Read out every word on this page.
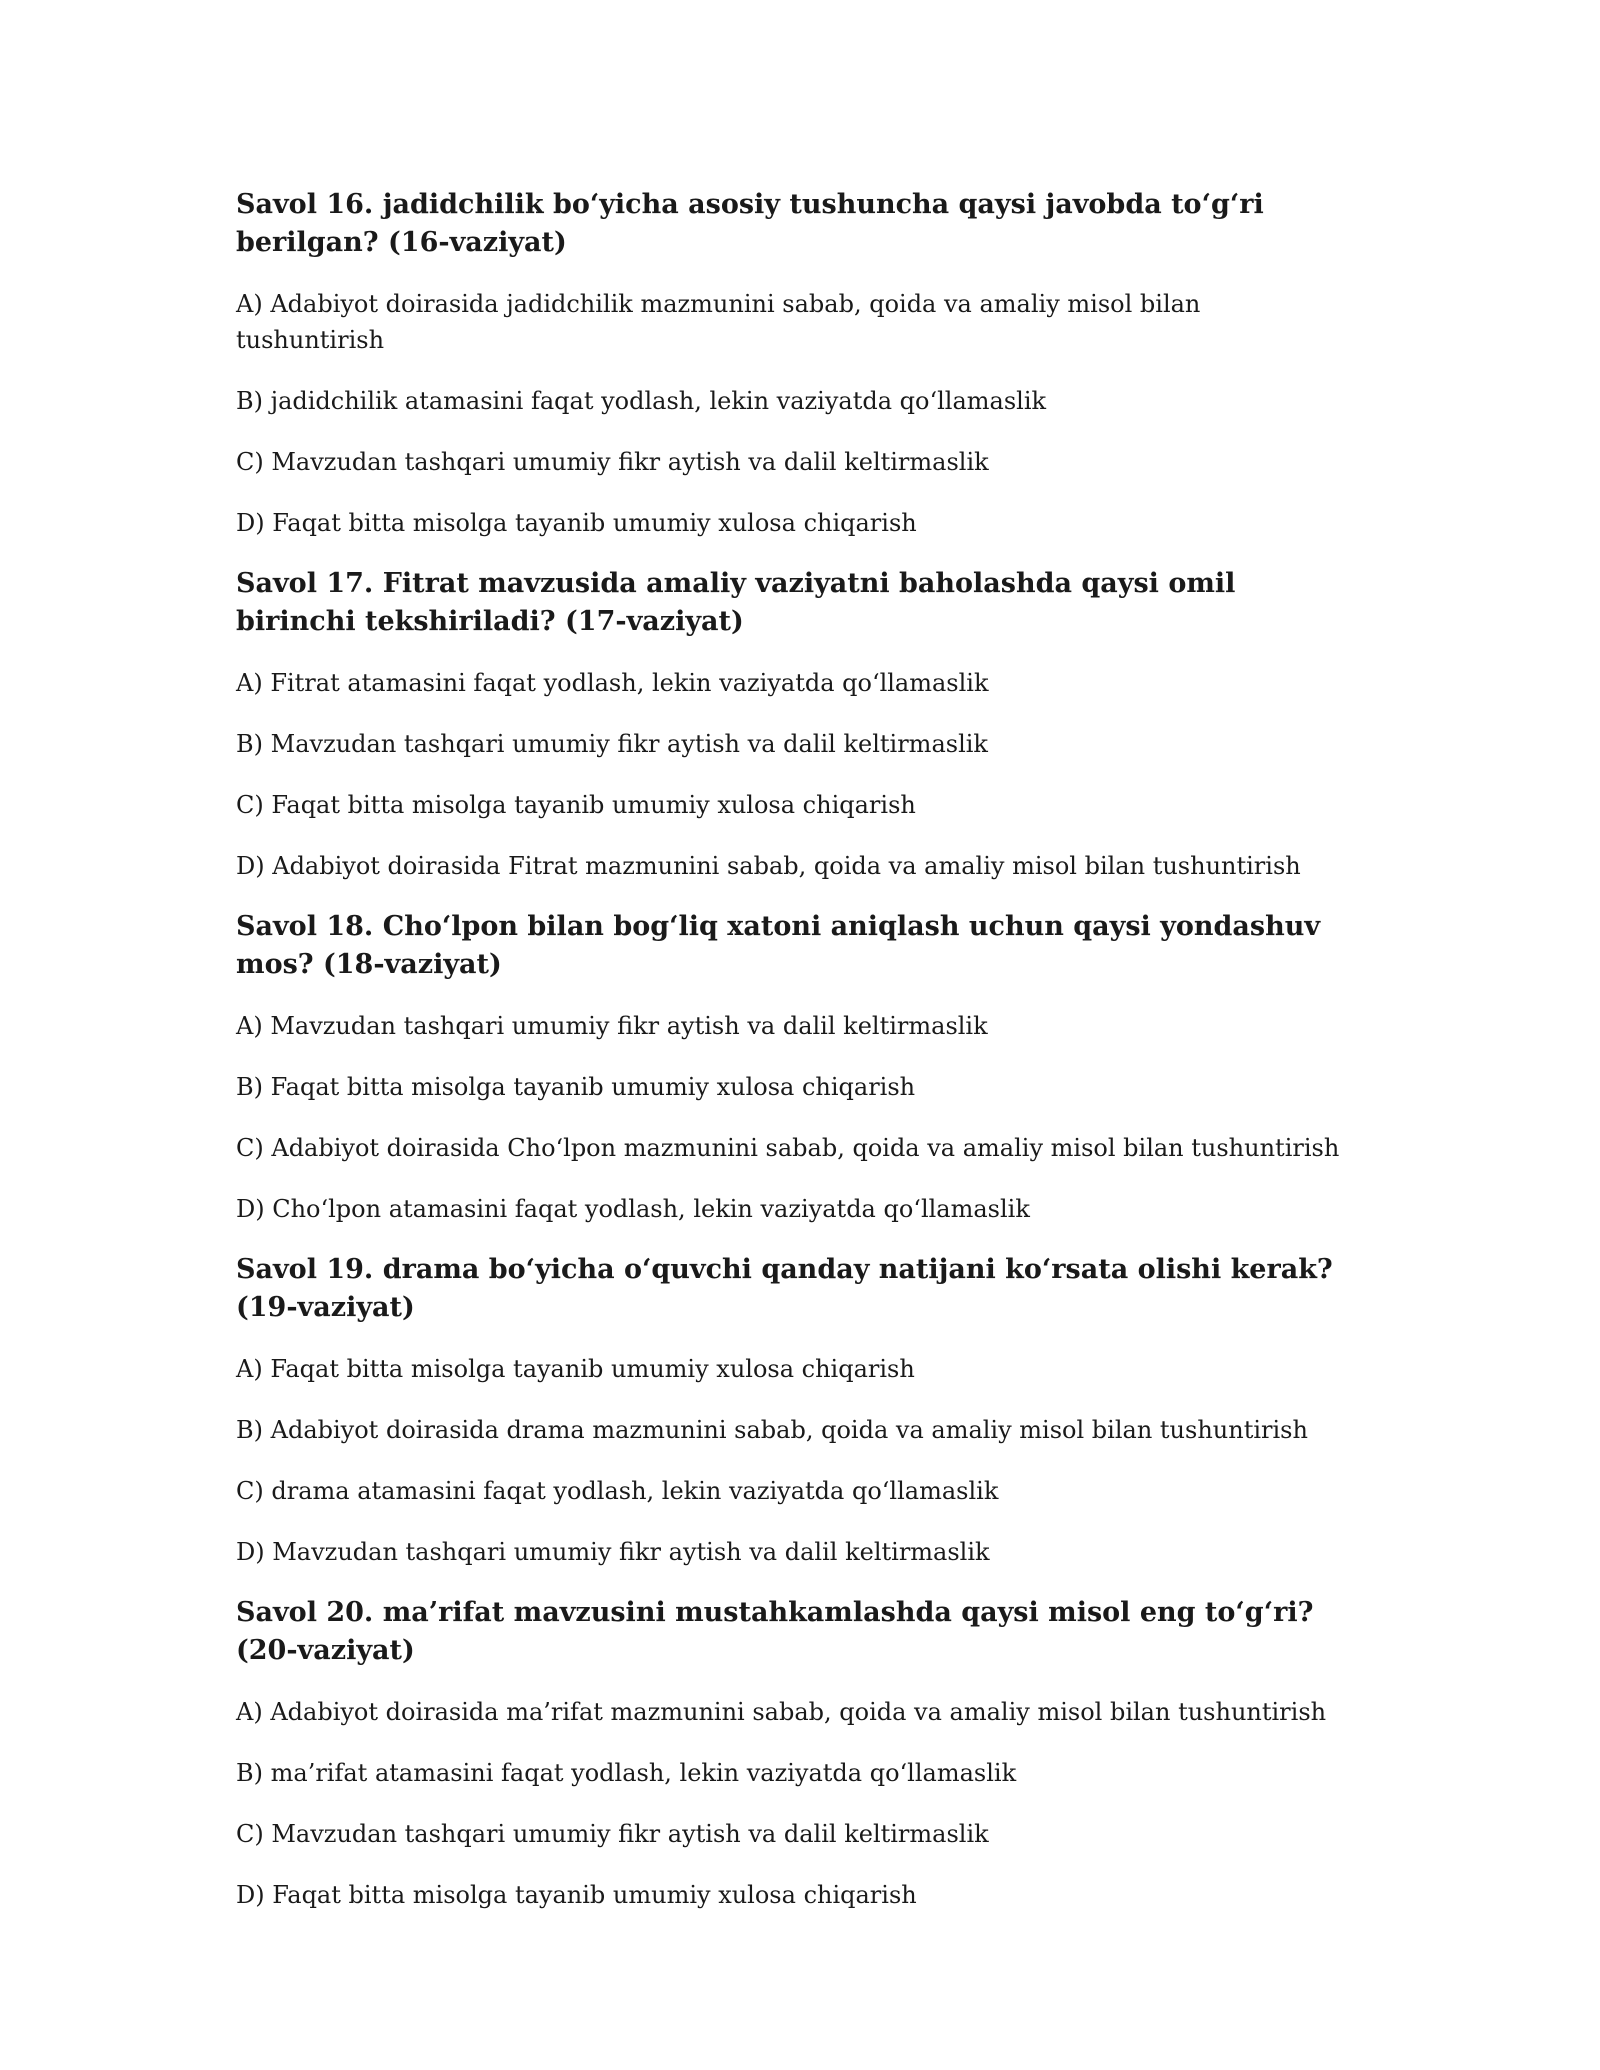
Savol 16. jadidchilik bo‘yicha asosiy tushuncha qaysi javobda to‘g‘ri berilgan? (16-vaziyat)

A) Adabiyot doirasida jadidchilik mazmunini sabab, qoida va amaliy misol bilan tushuntirish

B) jadidchilik atamasini faqat yodlash, lekin vaziyatda qo‘llamaslik

C) Mavzudan tashqari umumiy fikr aytish va dalil keltirmaslik

D) Faqat bitta misolga tayanib umumiy xulosa chiqarish

Savol 17. Fitrat mavzusida amaliy vaziyatni baholashda qaysi omil birinchi tekshiriladi? (17-vaziyat)

A) Fitrat atamasini faqat yodlash, lekin vaziyatda qo‘llamaslik

B) Mavzudan tashqari umumiy fikr aytish va dalil keltirmaslik

C) Faqat bitta misolga tayanib umumiy xulosa chiqarish

D) Adabiyot doirasida Fitrat mazmunini sabab, qoida va amaliy misol bilan tushuntirish

Savol 18. Cho‘lpon bilan bog‘liq xatoni aniqlash uchun qaysi yondashuv mos? (18-vaziyat)

A) Mavzudan tashqari umumiy fikr aytish va dalil keltirmaslik

B) Faqat bitta misolga tayanib umumiy xulosa chiqarish

C) Adabiyot doirasida Cho‘lpon mazmunini sabab, qoida va amaliy misol bilan tushuntirish

D) Cho‘lpon atamasini faqat yodlash, lekin vaziyatda qo‘llamaslik

Savol 19. drama bo‘yicha o‘quvchi qanday natijani ko‘rsata olishi kerak? (19-vaziyat)

A) Faqat bitta misolga tayanib umumiy xulosa chiqarish

B) Adabiyot doirasida drama mazmunini sabab, qoida va amaliy misol bilan tushuntirish

C) drama atamasini faqat yodlash, lekin vaziyatda qo‘llamaslik

D) Mavzudan tashqari umumiy fikr aytish va dalil keltirmaslik

Savol 20. ma’rifat mavzusini mustahkamlashda qaysi misol eng to‘g‘ri? (20-vaziyat)

A) Adabiyot doirasida ma’rifat mazmunini sabab, qoida va amaliy misol bilan tushuntirish

B) ma’rifat atamasini faqat yodlash, lekin vaziyatda qo‘llamaslik

C) Mavzudan tashqari umumiy fikr aytish va dalil keltirmaslik

D) Faqat bitta misolga tayanib umumiy xulosa chiqarish
